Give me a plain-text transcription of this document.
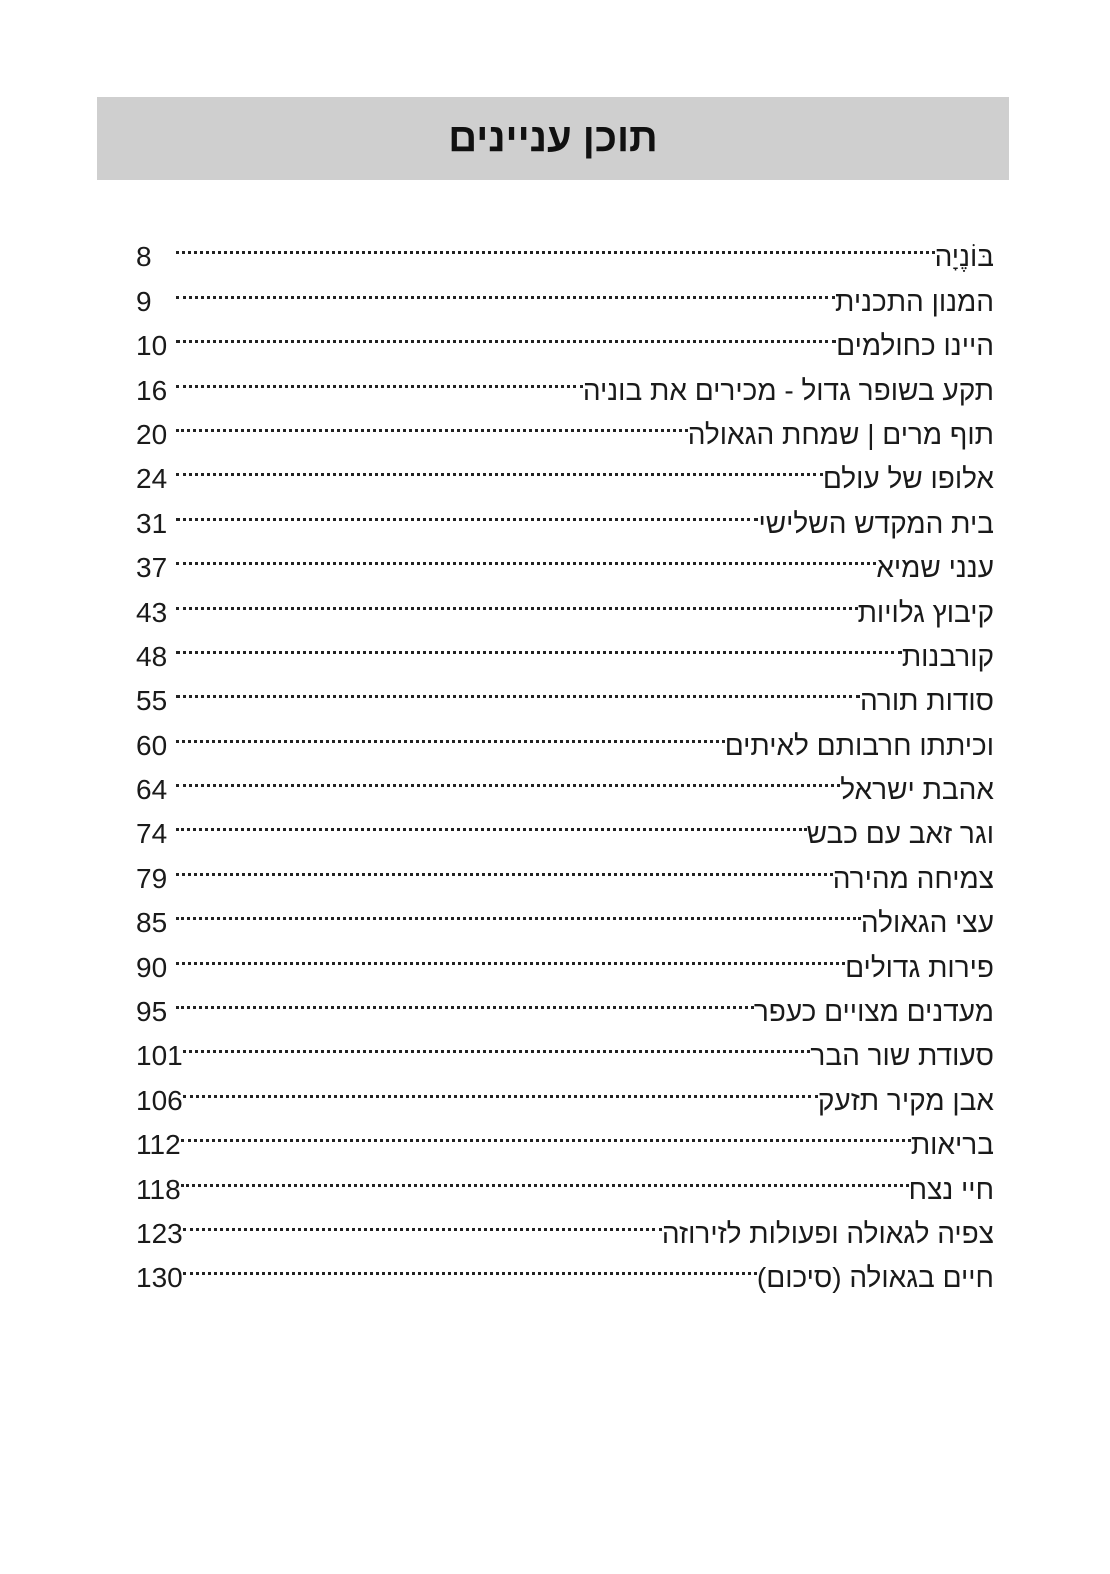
תוכן עניינים
בּוֹנֶיָה
8
המנון התכנית
9
היינו כחולמים
10
תקע בשופר גדול - מכירים את בוניה
16
תוף מרים | שמחת הגאולה
20
אלופו של עולם
24
בית המקדש השלישי
31
ענני שמיא
37
קיבוץ גלויות
43
קורבנות
48
סודות תורה
55
וכיתתו חרבותם לאיתים
60
אהבת ישראל
64
וגר זאב עם כבש
74
צמיחה מהירה
79
עצי הגאולה
85
פירות גדולים
90
מעדנים מצויים כעפר
95
סעודת שור הבר
101
אבן מקיר תזעק
106
בריאות
112
חיי נצח
118
צפיה לגאולה ופעולות לזירוזה
123
חיים בגאולה (סיכום)
130
